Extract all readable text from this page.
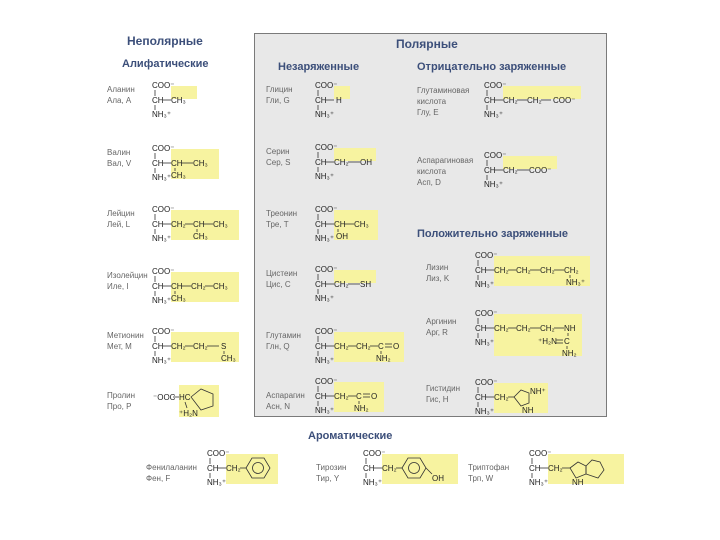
Неполярные	Полярные
Алифатические	Незаряженные	Отрицательно заряженные
Положительно заряженные
Ароматические
Аланин
Ала, A
COO⁻
CH CH₃
NH₃⁺
Валин
Вал, V
COO⁻
CH CH CH₃
CH₃
NH₃⁺
Лейцин
Лей, L
COO⁻
CH CH₂ CH CH₃
CH₃
NH₃⁺
Изолейцин
Иле, I
COO⁻
CH CH CH₂ CH₃
CH₃
NH₃⁺
Метионин
Мет, M
COO⁻
CH CH₂ CH₂ S
CH₃
NH₃⁺
Пролин
Про, P
⁻OOC HC
⁺H₂N
Глицин
Гли, G
COO⁻
CH H
NH₃⁺
Серин
Сер, S
COO⁻
CH CH₂ OH
NH₃⁺
Треонин
Тре, T
COO⁻
CH CH CH₃
OH
NH₃⁺
Цистеин
Цис, C
COO⁻
CH CH₂ SH
NH₃⁺
Глутамин
Глн, Q
COO⁻
CH CH₂ CH₂ C O
NH₂
NH₃⁺
Аспарагин
Асн, N
COO⁻
CH CH₂ C O
NH₂
NH₃⁺
Глутаминовая
кислота
Глу, E
COO⁻
CH CH₂ CH₂ COO⁻
NH₃⁺
Аспарагиновая
кислота
Асп, D
COO⁻
CH CH₂ COO⁻
NH₃⁺
Лизин
Лиз, K
COO⁻
CH CH₂ CH₂ CH₂ CH₂
NH₃⁺
NH₃⁺
Аргинин
Арг, R
COO⁻
CH CH₂ CH₂ CH₂ NH
⁺H₂N C
NH₂
NH₃⁺
Гистидин
Гис, H
COO⁻
CH CH₂
NH⁺
NH
NH₃⁺
Фенилаланин
Фен, F
COO⁻
CH CH₂
NH₃⁺
Тирозин
Тир, Y
COO⁻
CH CH₂
OH
NH₃⁺
Триптофан
Трп, W
COO⁻
CH CH₂
NH
NH₃⁺
